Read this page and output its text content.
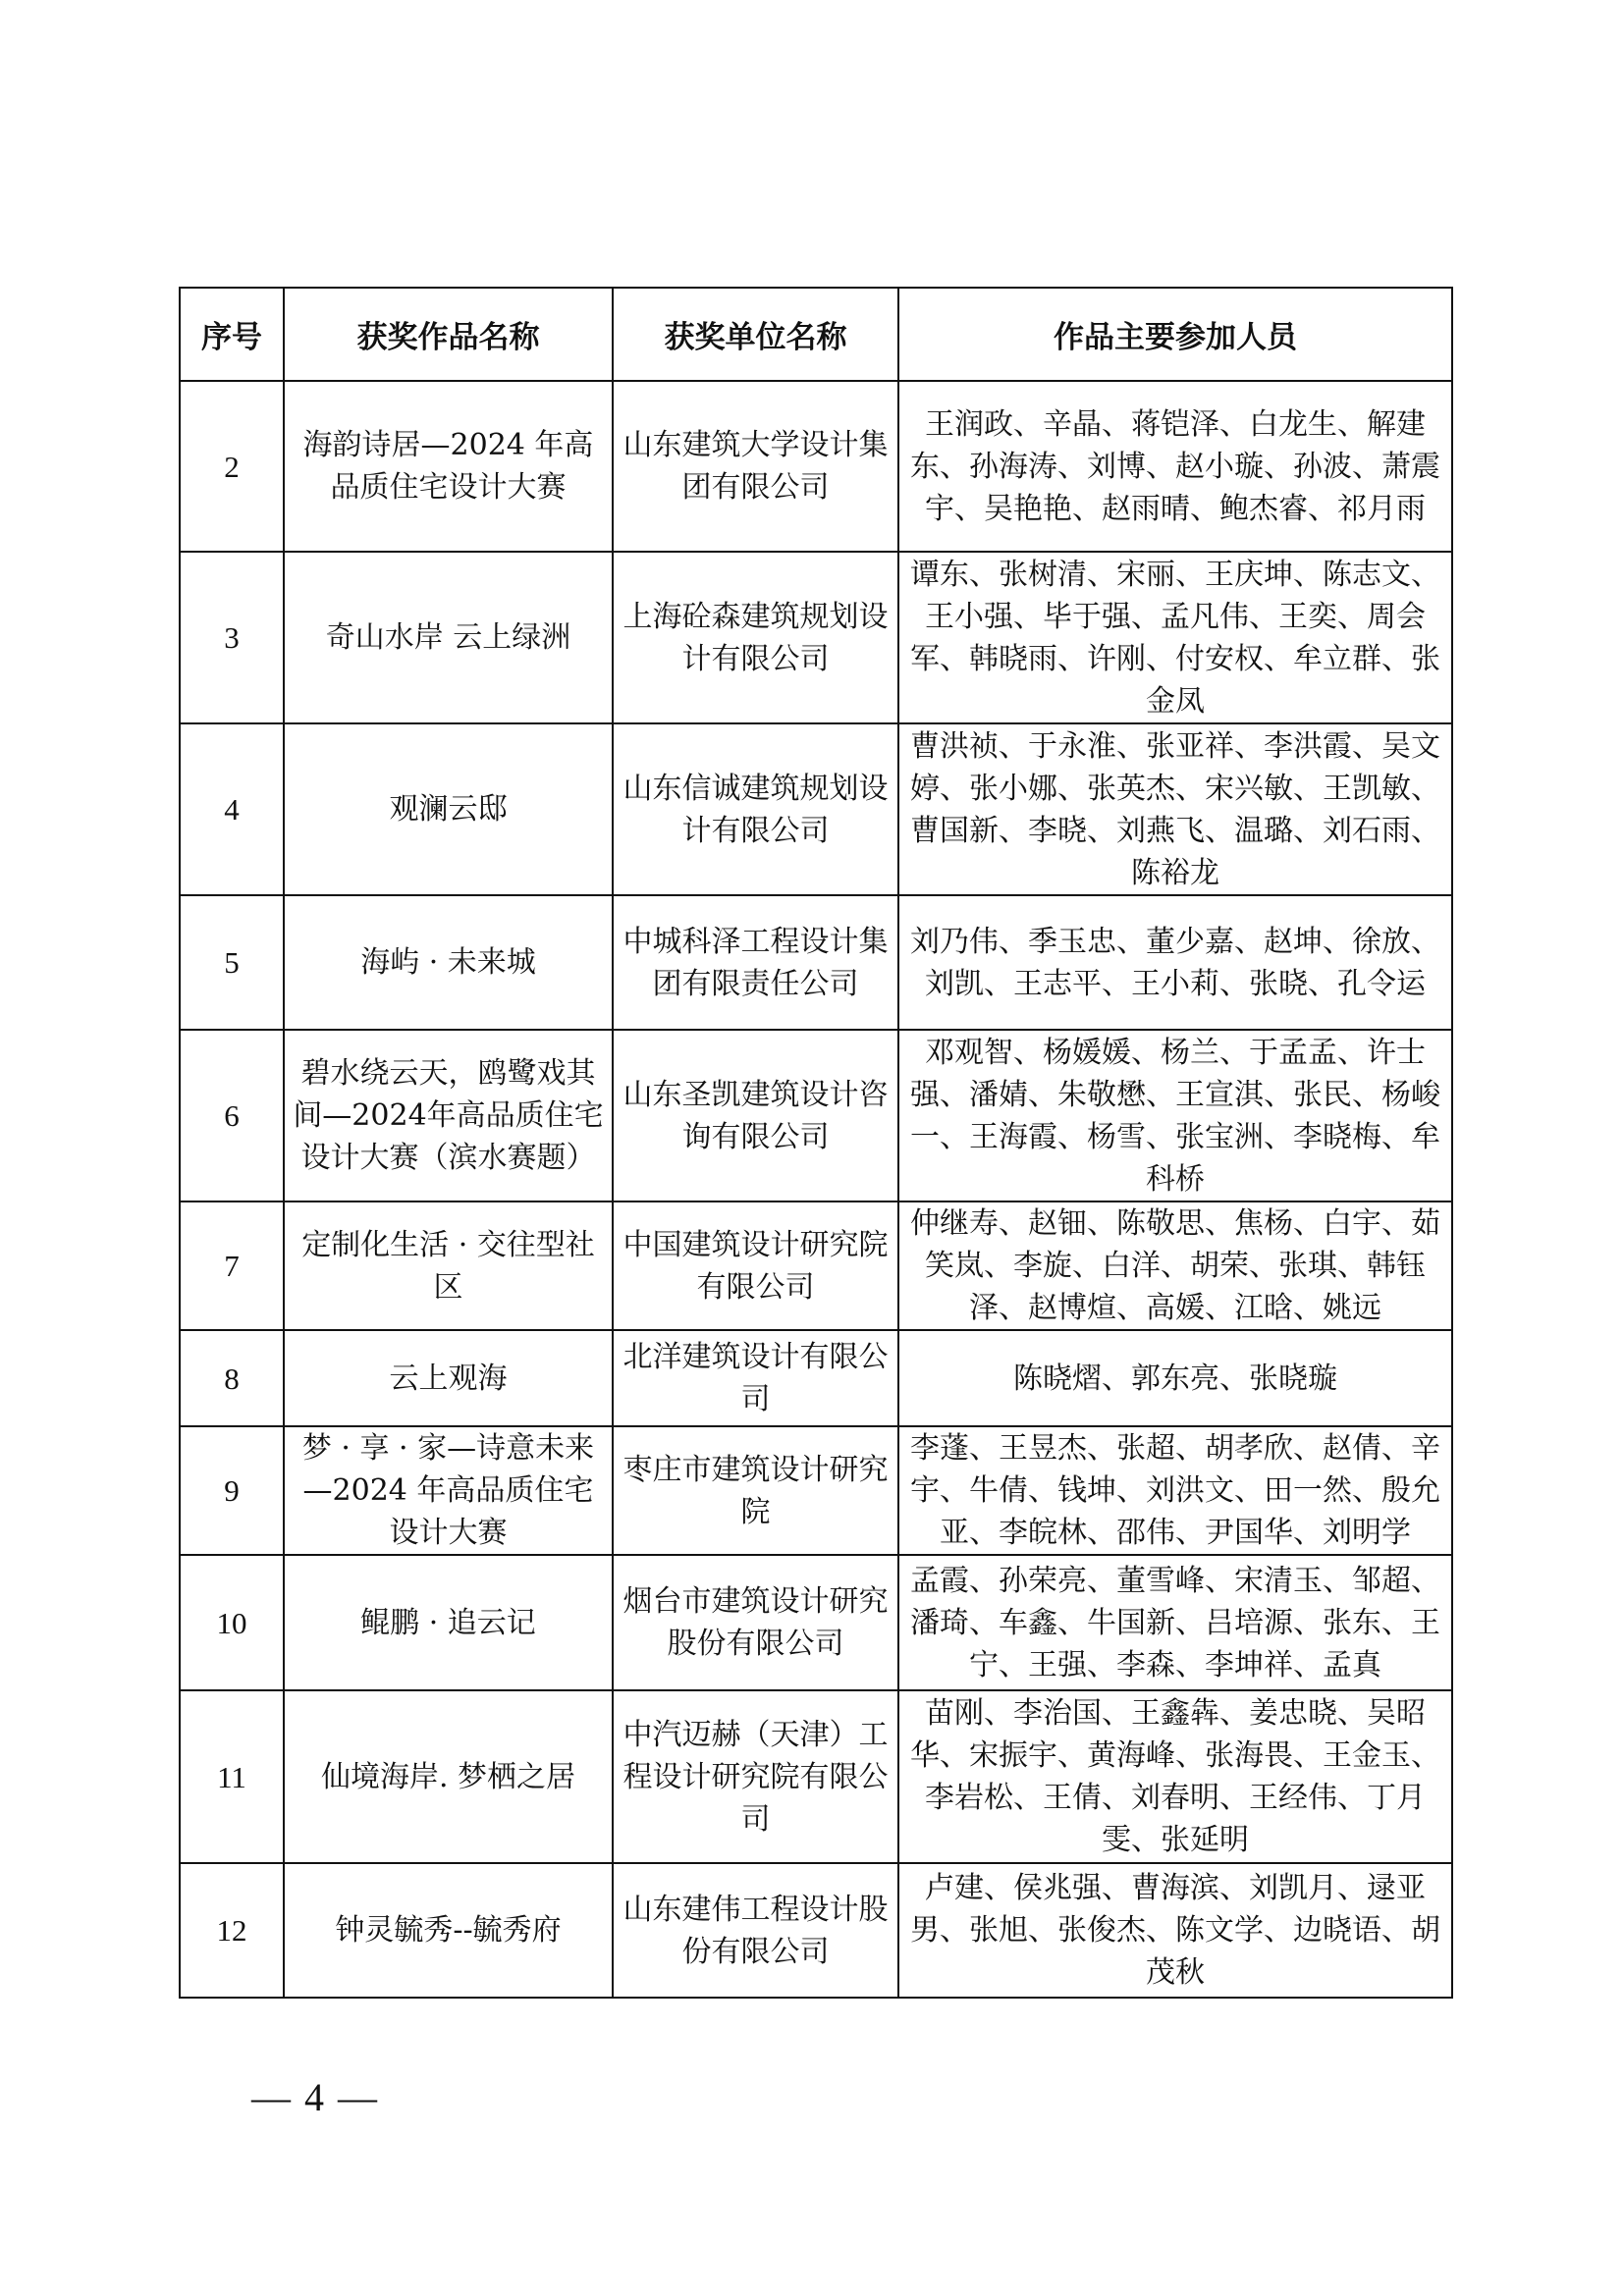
序号	获奖作品名称	获奖单位名称	作品主要参加人员
2	海韵诗居—2024 年高品质住宅设计大赛	山东建筑大学设计集团有限公司	王润政、辛晶、蒋铠泽、白龙生、解建东、孙海涛、刘博、赵小璇、孙波、萧震宇、吴艳艳、赵雨晴、鲍杰睿、祁月雨
3	奇山水岸 云上绿洲	上海砼森建筑规划设计有限公司	谭东、张树清、宋丽、王庆坤、陈志文、王小强、毕于强、孟凡伟、王奕、周会军、韩晓雨、许刚、付安权、牟立群、张金凤
4	观澜云邸	山东信诚建筑规划设计有限公司	曹洪祯、于永淮、张亚祥、李洪霞、吴文婷、张小娜、张英杰、宋兴敏、王凯敏、曹国新、李晓、刘燕飞、温璐、刘石雨、陈裕龙
5	海屿 · 未来城	中城科泽工程设计集团有限责任公司	刘乃伟、季玉忠、董少嘉、赵坤、徐放、刘凯、王志平、王小莉、张晓、孔令运
6	碧水绕云天，鸥鹭戏其间—2024年高品质住宅设计大赛（滨水赛题）	山东圣凯建筑设计咨询有限公司	邓观智、杨媛媛、杨兰、于孟孟、许士强、潘婧、朱敬懋、王宣淇、张民、杨峻一、王海霞、杨雪、张宝洲、李晓梅、牟科桥
7	定制化生活 · 交往型社区	中国建筑设计研究院有限公司	仲继寿、赵钿、陈敬思、焦杨、白宇、茹笑岚、李旋、白洋、胡荣、张琪、韩钰泽、赵博煊、高媛、江晗、姚远
8	云上观海	北洋建筑设计有限公司	陈晓熠、郭东亮、张晓璇
9	梦 · 享 · 家—诗意未来—2024 年高品质住宅设计大赛	枣庄市建筑设计研究院	李蓬、王昱杰、张超、胡孝欣、赵倩、辛宇、牛倩、钱坤、刘洪文、田一然、殷允亚、李皖林、邵伟、尹国华、刘明学
10	鲲鹏 · 追云记	烟台市建筑设计研究股份有限公司	孟霞、孙荣亮、董雪峰、宋清玉、邹超、潘琦、车鑫、牛国新、吕培源、张东、王宁、王强、李森、李坤祥、孟真
11	仙境海岸. 梦栖之居	中汽迈赫（天津）工程设计研究院有限公司	苗刚、李治国、王鑫犇、姜忠晓、吴昭华、宋振宇、黄海峰、张海畏、王金玉、李岩松、王倩、刘春明、王经伟、丁月雯、张延明
12	钟灵毓秀--毓秀府	山东建伟工程设计股份有限公司	卢建、侯兆强、曹海滨、刘凯月、逯亚男、张旭、张俊杰、陈文学、边晓语、胡茂秋
— 4 —
